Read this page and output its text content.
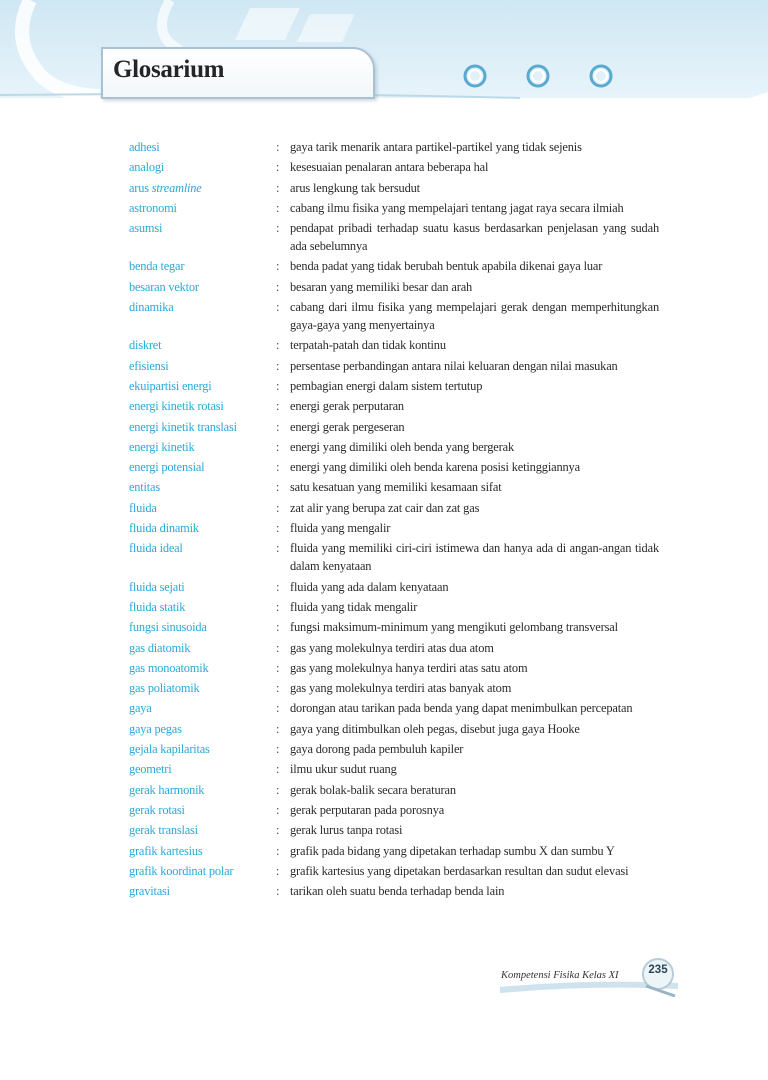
Glosarium
adhesi	: gaya tarik menarik antara partikel-partikel yang tidak sejenis
analogi	: kesesuaian penalaran antara beberapa hal
arus streamline	: arus lengkung tak bersudut
astronomi	: cabang ilmu fisika yang mempelajari tentang jagat raya secara ilmiah
asumsi	: pendapat pribadi terhadap suatu kasus berdasarkan penjelasan yang sudah ada sebelumnya
benda tegar	: benda padat yang tidak berubah bentuk apabila dikenai gaya luar
besaran vektor	: besaran yang memiliki besar dan arah
dinamika	: cabang dari ilmu fisika yang mempelajari gerak dengan memperhitungkan gaya-gaya yang menyertainya
diskret	: terpatah-patah dan tidak kontinu
efisiensi	: persentase perbandingan antara nilai keluaran dengan nilai masukan
ekuipartisi energi	: pembagian energi dalam sistem tertutup
energi kinetik rotasi	: energi gerak perputaran
energi kinetik translasi	: energi gerak pergeseran
energi kinetik	: energi yang dimiliki oleh benda yang bergerak
energi potensial	: energi yang dimiliki oleh benda karena posisi ketinggiannya
entitas	: satu kesatuan yang memiliki kesamaan sifat
fluida	: zat alir yang berupa zat cair dan zat gas
fluida dinamik	: fluida yang mengalir
fluida ideal	: fluida yang memiliki ciri-ciri istimewa dan hanya ada di angan-angan tidak dalam kenyataan
fluida sejati	: fluida yang ada dalam kenyataan
fluida statik	: fluida yang tidak mengalir
fungsi sinusoida	: fungsi maksimum-minimum yang mengikuti gelombang transversal
gas diatomik	: gas yang molekulnya terdiri atas dua atom
gas monoatomik	: gas yang molekulnya hanya terdiri atas satu atom
gas poliatomik	: gas yang molekulnya terdiri atas banyak atom
gaya	: dorongan atau tarikan pada benda yang dapat menimbulkan percepatan
gaya pegas	: gaya yang ditimbulkan oleh pegas, disebut juga gaya Hooke
gejala kapilaritas	: gaya dorong pada pembuluh kapiler
geometri	: ilmu ukur sudut ruang
gerak harmonik	: gerak bolak-balik secara beraturan
gerak rotasi	: gerak perputaran pada porosnya
gerak translasi	: gerak lurus tanpa rotasi
grafik kartesius	: grafik pada bidang yang dipetakan terhadap sumbu X dan sumbu Y
grafik koordinat polar	: grafik kartesius yang dipetakan berdasarkan resultan dan sudut elevasi
gravitasi	: tarikan oleh suatu benda terhadap benda lain
Kompetensi Fisika Kelas XI	235
